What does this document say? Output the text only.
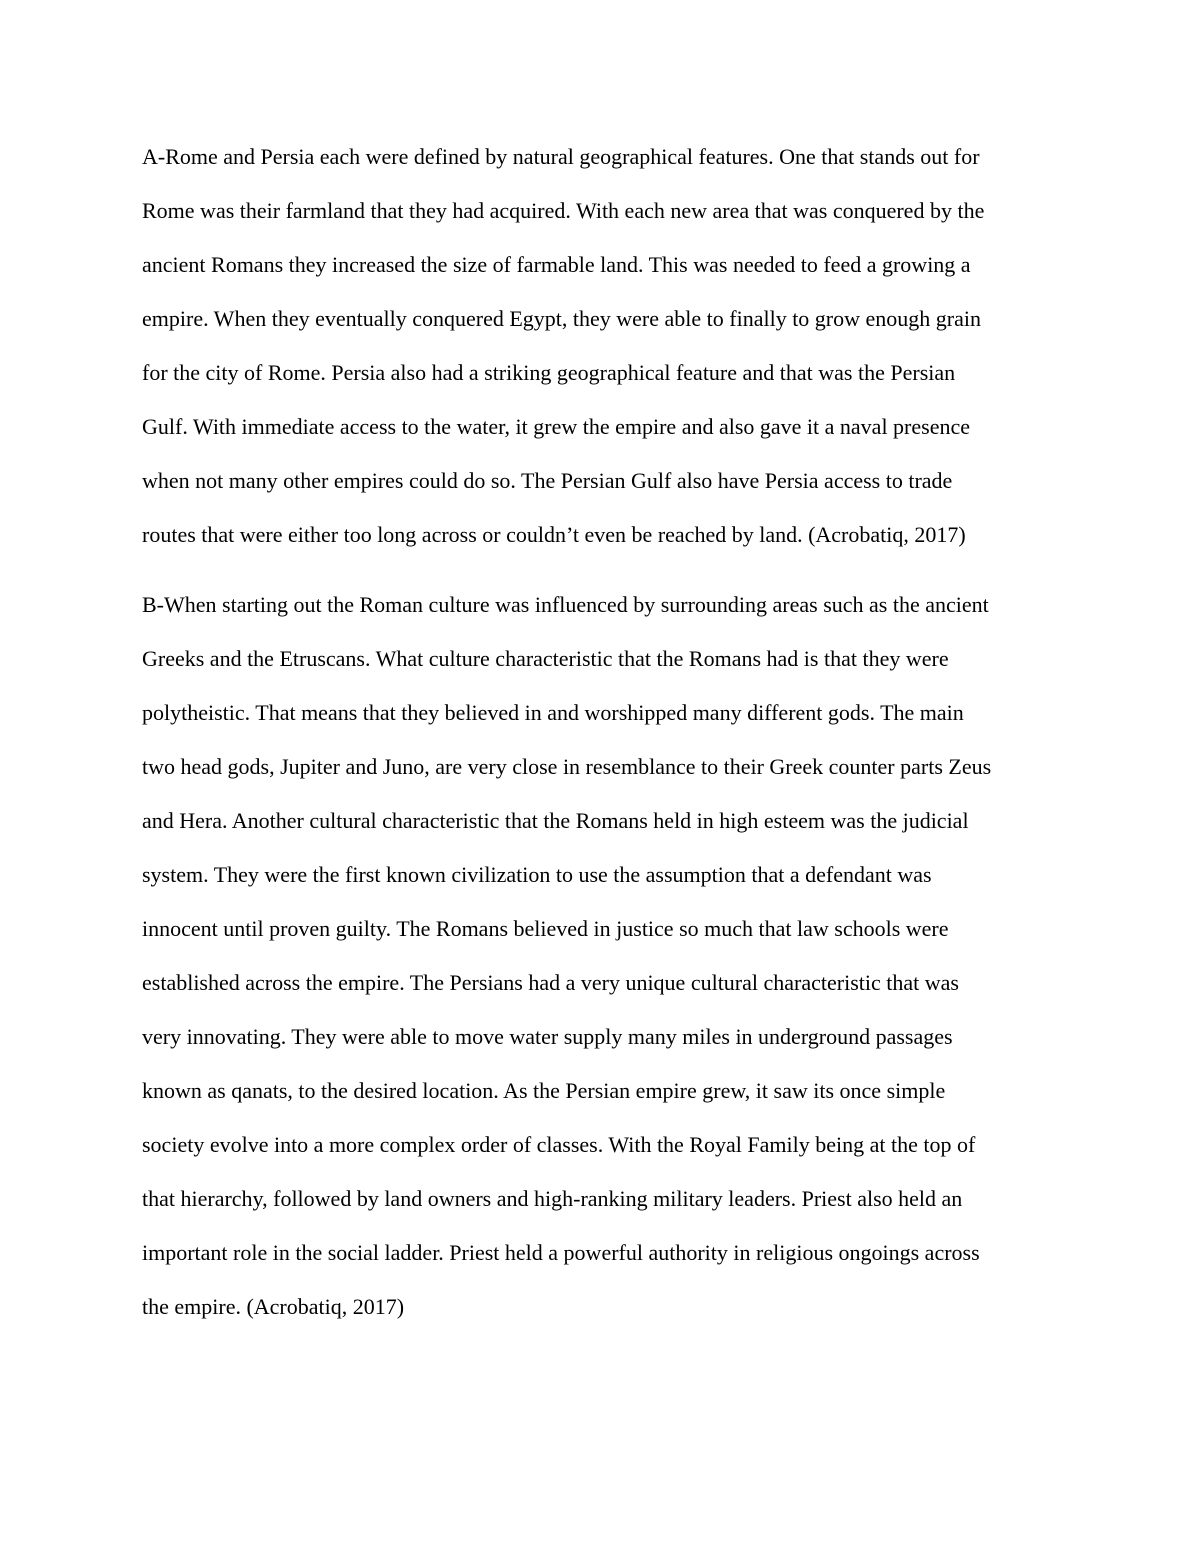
A-Rome and Persia each were defined by natural geographical features. One that stands out for

Rome was their farmland that they had acquired. With each new area that was conquered by the

ancient Romans they increased the size of farmable land. This was needed to feed a growing a

empire. When they eventually conquered Egypt, they were able to finally to grow enough grain

for the city of Rome. Persia also had a striking geographical feature and that was the Persian

Gulf. With immediate access to the water, it grew the empire and also gave it a naval presence

when not many other empires could do so. The Persian Gulf also have Persia access to trade

routes that were either too long across or couldn’t even be reached by land. (Acrobatiq, 2017)

B-When starting out the Roman culture was influenced by surrounding areas such as the ancient

Greeks and the Etruscans. What culture characteristic that the Romans had is that they were

polytheistic. That means that they believed in and worshipped many different gods. The main

two head gods, Jupiter and Juno, are very close in resemblance to their Greek counter parts Zeus

and Hera. Another cultural characteristic that the Romans held in high esteem was the judicial

system. They were the first known civilization to use the assumption that a defendant was

innocent until proven guilty. The Romans believed in justice so much that law schools were

established across the empire. The Persians had a very unique cultural characteristic that was

very innovating. They were able to move water supply many miles in underground passages

known as qanats, to the desired location. As the Persian empire grew, it saw its once simple

society evolve into a more complex order of classes. With the Royal Family being at the top of

that hierarchy, followed by land owners and high-ranking military leaders. Priest also held an

important role in the social ladder. Priest held a powerful authority in religious ongoings across

the empire. (Acrobatiq, 2017)
